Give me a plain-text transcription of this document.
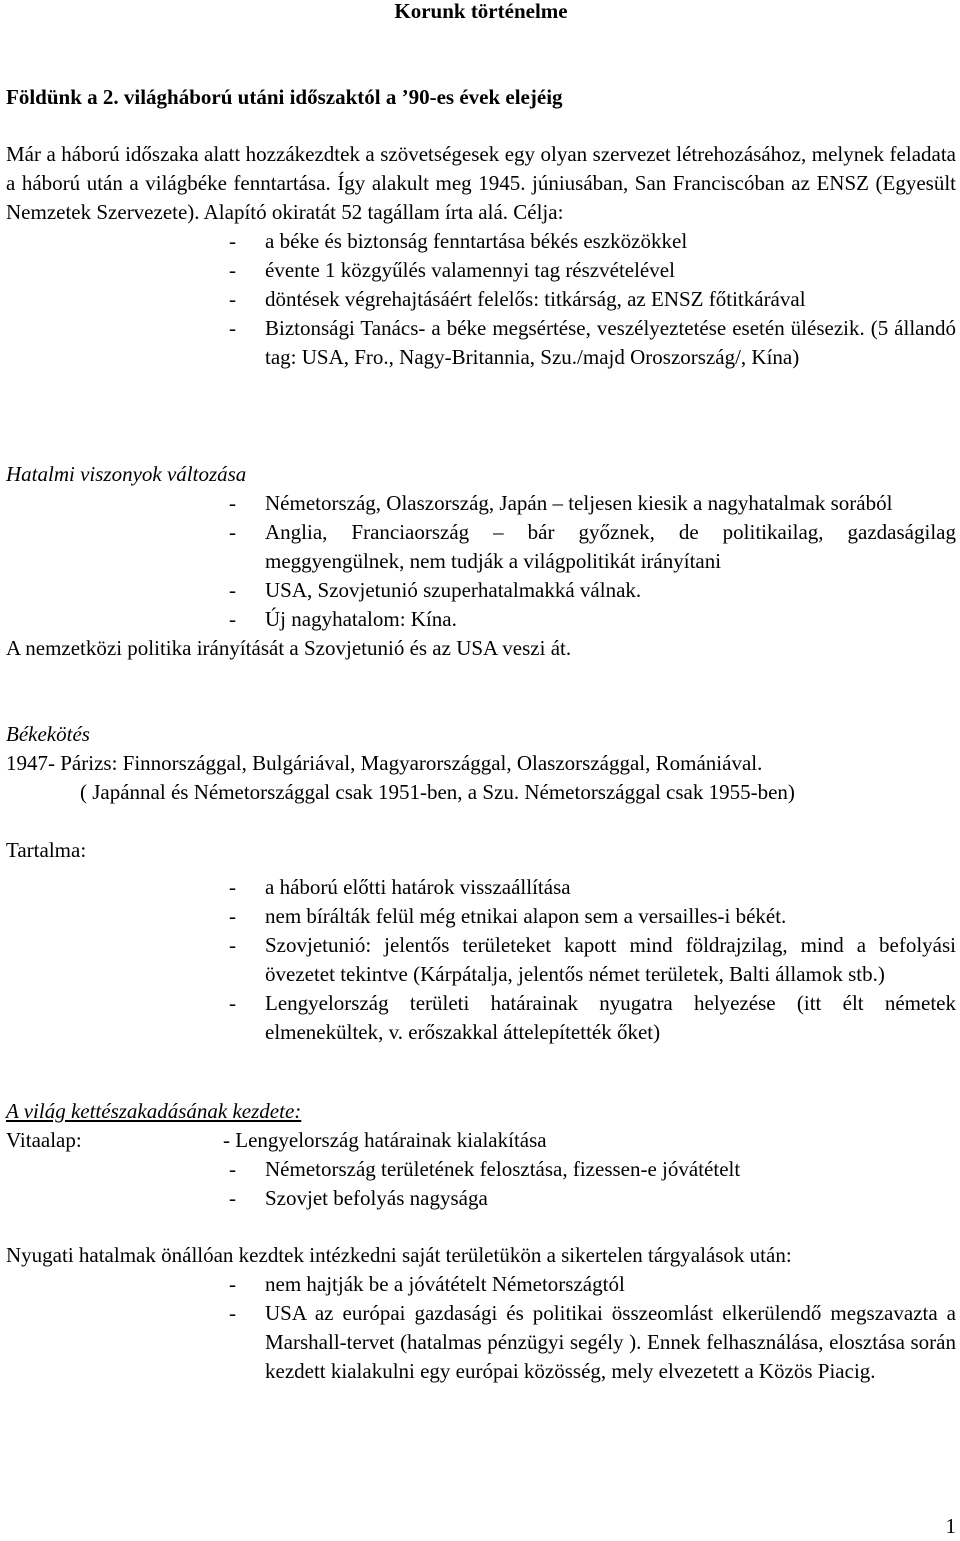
Korunk történelme
Földünk a 2. világháború utáni időszaktól a ’90-es évek elejéig
Már a háború időszaka alatt hozzákezdtek a szövetségesek egy olyan szervezet létrehozásához, melynek feladata a háború után a világbéke fenntartása. Így alakult meg 1945. júniusában, San Franciscóban az ENSZ (Egyesült Nemzetek Szervezete). Alapító okiratát 52 tagállam írta alá. Célja:
-	a béke és biztonság fenntartása békés eszközökkel
-	évente 1 közgyűlés valamennyi tag részvételével
-	döntések végrehajtásáért felelős: titkárság, az ENSZ főtitkárával
-	Biztonsági Tanács- a béke megsértése, veszélyeztetése esetén ülésezik. (5 állandó tag: USA, Fro., Nagy-Britannia, Szu./majd Oroszország/, Kína)
Hatalmi viszonyok változása
-	Németország, Olaszország, Japán – teljesen kiesik a nagyhatalmak sorából
-	Anglia, Franciaország – bár győznek, de politikailag, gazdaságilag meggyengülnek, nem tudják a világpolitikát irányítani
-	USA, Szovjetunió szuperhatalmakká válnak.
-	Új nagyhatalom: Kína.
A nemzetközi politika irányítását a Szovjetunió és az USA veszi át.
Békekötés
1947- Párizs: Finnországgal, Bulgáriával, Magyarországgal, Olaszországgal, Romániával.
( Japánnal és Németországgal csak 1951-ben, a Szu. Németországgal csak 1955-ben)
Tartalma:
-	a háború előtti határok visszaállítása
-	nem bírálták felül még etnikai alapon sem a versailles-i békét.
-	Szovjetunió: jelentős területeket kapott mind földrajzilag, mind a befolyási övezetet tekintve (Kárpátalja, jelentős német területek, Balti államok stb.)
-	Lengyelország területi határainak nyugatra helyezése (itt élt németek elmenekültek, v. erőszakkal áttelepítették őket)
A világ kettészakadásának kezdete:
Vitaalap:	- Lengyelország határainak kialakítása
-	Németország területének felosztása, fizessen-e jóvátételt
-	Szovjet befolyás nagysága
Nyugati hatalmak önállóan kezdtek intézkedni saját területükön a sikertelen tárgyalások után:
-	nem hajtják be a jóvátételt Németországtól
-	USA az európai gazdasági és politikai összeomlást elkerülendő megszavazta a Marshall-tervet (hatalmas pénzügyi segély ). Ennek felhasználása, elosztása során kezdett kialakulni egy európai közösség, mely elvezetett a Közös Piacig.
1
